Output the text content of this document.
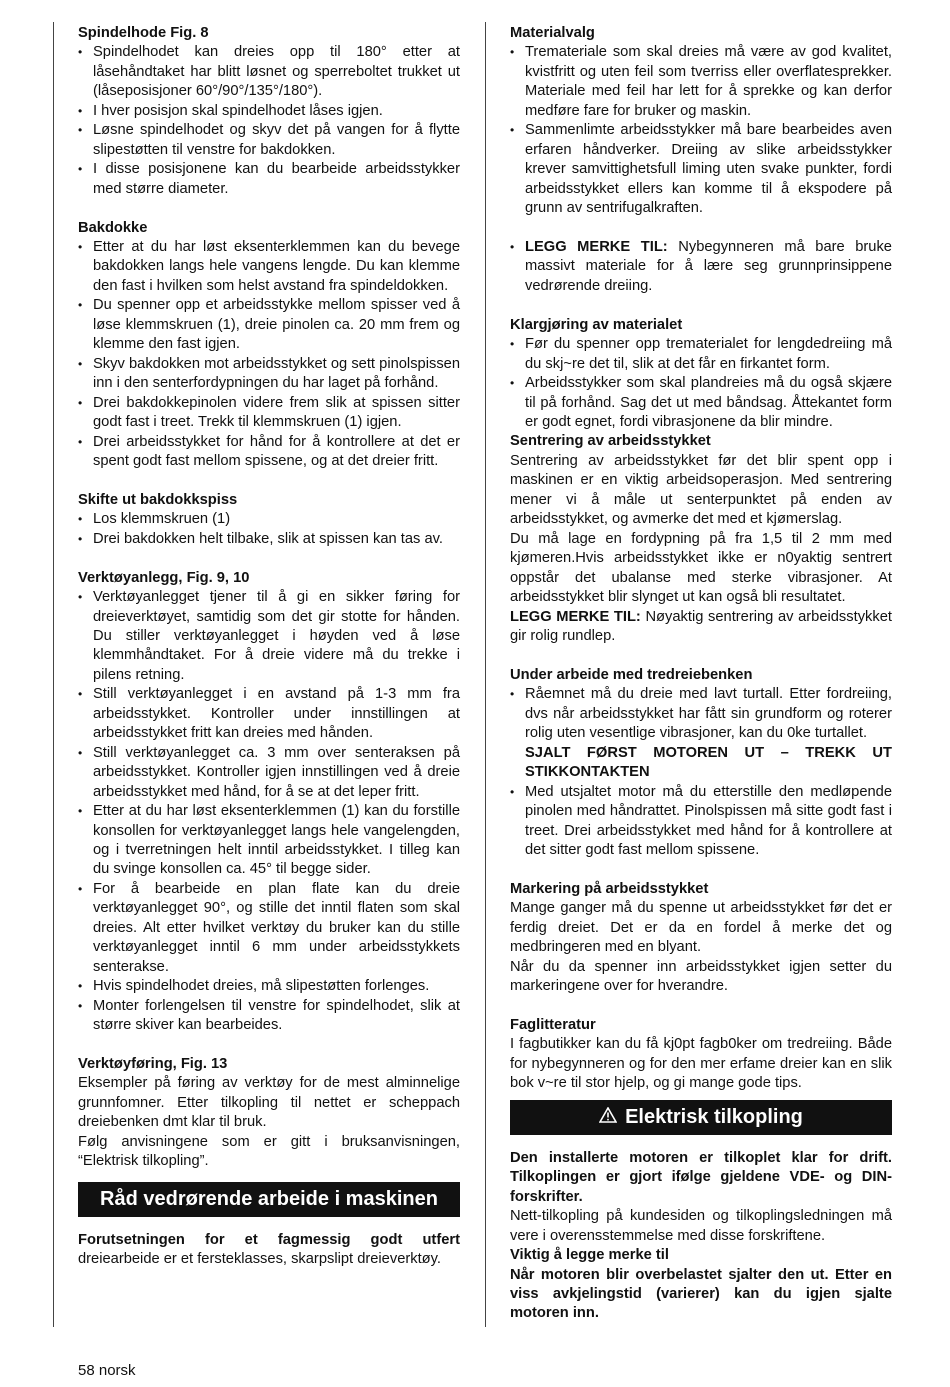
Spindelhode Fig. 8

• Spindelhodet kan dreies opp til 180° etter at låsehåndtaket har blitt løsnet og sperreboltet trukket ut (låseposisjoner 60°/90°/135°/180°).
• I hver posisjon skal spindelhodet låses igjen.
• Løsne spindelhodet og skyv det på vangen for å flytte slipestøtten til venstre for bakdokken.
• I disse posisjonene kan du bearbeide arbeidsstykker med større diameter.

Bakdokke

• Etter at du har løst eksenterklemmen kan du bevege bakdokken langs hele vangens lengde. Du kan klemme den fast i hvilken som helst avstand fra spindeldokken.
• Du spenner opp et arbeidsstykke mellom spisser ved å løse klemmskruen (1), dreie pinolen ca. 20 mm frem og klemme den fast igjen.
• Skyv bakdokken mot arbeidsstykket og sett pinolspissen inn i den senterfordypningen du har laget på forhånd.
• Drei bakdokkepinolen videre frem slik at spissen sitter godt fast i treet. Trekk til klemmskruen (1) igjen.
• Drei arbeidsstykket for hånd for å kontrollere at det er spent godt fast mellom spissene, og at det dreier fritt.

Skifte ut bakdokkspiss

• Los klemmskruen (1)
• Drei bakdokken helt tilbake, slik at spissen kan tas av.

Verktøyanlegg, Fig. 9, 10

• Verktøyanlegget tjener til å gi en sikker føring for dreieverktøyet, samtidig som det gir stotte for hånden. Du stiller verktøyanlegget i høyden ved å løse klemmhåndtaket. For å dreie videre må du trekke i pilens retning.
• Still verktøyanlegget i en avstand på 1-3 mm fra arbeidsstykket. Kontroller under innstillingen at arbeidsstykket fritt kan dreies med hånden.
• Still verktøyanlegget ca. 3 mm over senteraksen på arbeidsstykket. Kontroller igjen innstillingen ved å dreie arbeidsstykket med hånd, for å se at det leper fritt.
• Etter at du har løst eksenterklemmen (1) kan du forstille konsollen for verktøyanlegget langs hele vangelengden, og i tverretningen helt inntil arbeidsstykket. I tilleg kan du svinge konsollen ca. 45° til begge sider.
• For å bearbeide en plan flate kan du dreie verktøyanlegget 90°, og stille det inntil flaten som skal dreies. Alt etter hvilket verktøy du bruker kan du stille verktøyanlegget inntil 6 mm under arbeidsstykkets senterakse.
• Hvis spindelhodet dreies, må slipestøtten forlenges.
• Monter forlengelsen til venstre for spindelhodet, slik at større skiver kan bearbeides.

Verktøyføring, Fig. 13

Eksempler på føring av verktøy for de mest alminnelige grunnfomner. Etter tilkopling til nettet er scheppach dreiebenken dmt klar til bruk.

Følg anvisningene som er gitt i bruksanvisningen, “Elektrisk tilkopling”.

Råd vedrørende arbeide i maskinen

Forutsetningen for et fagmessig godt utfert dreiearbeide er et fersteklasses, skarpslipt dreieverktøy.

Materialvalg

• Tremateriale som skal dreies må være av god kvalitet, kvistfritt og uten feil som tverriss eller overflatesprekker. Materiale med feil har lett for å sprekke og kan derfor medføre fare for bruker og maskin.
• Sammenlimte arbeidsstykker må bare bearbeides aven erfaren håndverker. Dreiing av slike arbeidsstykker krever samvittighetsfull liming uten svake punkter, fordi arbeidsstykket ellers kan komme til å ekspodere på grunn av sentrifugalkraften.
• LEGG MERKE TIL: Nybegynneren må bare bruke massivt materiale for å lære seg grunnprinsippene vedrørende dreiing.

Klargjøring av materialet

• Før du spenner opp trematerialet for lengdedreiing må du skj~re det til, slik at det får en firkantet form.
• Arbeidsstykker som skal plandreies må du også skjære til på forhånd. Sag det ut med båndsag. Åttekantet form er godt egnet, fordi vibrasjonene da blir mindre.

Sentrering av arbeidsstykket

Sentrering av arbeidsstykket før det blir spent opp i maskinen er en viktig arbeidsoperasjon. Med sentrering mener vi å måle ut senterpunktet på enden av arbeidsstykket, og avmerke det med et kjømerslag.

Du må lage en fordypning på fra 1,5 til 2 mm med kjømeren.Hvis arbeidsstykket ikke er n0yaktig sentrert oppstår det ubalanse med sterke vibrasjoner. At arbeidsstykket blir slynget ut kan også bli resultatet.

LEGG MERKE TIL: Nøyaktig sentrering av arbeidsstykket gir rolig rundlep.

Under arbeide med tredreiebenken

• Råemnet må du dreie med lavt turtall. Etter fordreiing, dvs når arbeidsstykket har fått sin grundform og roterer rolig uten vesentlige vibrasjoner, kan du 0ke turtallet.
SJALT FØRST MOTOREN UT – TREKK UT STIKKONTAKTEN
• Med utsjaltet motor må du etterstille den medløpende pinolen med håndrattet. Pinolspissen må sitte godt fast i treet. Drei arbeidsstykket med hånd for å kontrollere at det sitter godt fast mellom spissene.

Markering på arbeidsstykket

Mange ganger må du spenne ut arbeidsstykket før det er ferdig dreiet. Det er da en fordel å merke det og medbringeren med en blyant.

Når du da spenner inn arbeidsstykket igjen setter du markeringene over for hverandre.

Faglitteratur

I fagbutikker kan du få kj0pt fagb0ker om tredreiing. Både for nybegynneren og for den mer erfame dreier kan en slik bok v~re til stor hjelp, og gi mange gode tips.

Elektrisk tilkopling

Den installerte motoren er tilkoplet klar for drift. Tilkoplingen er gjort ifølge gjeldene VDE- og DIN-forskrifter.

Nett-tilkopling på kundesiden og tilkoplingsledningen må vere i overensstemmelse med disse forskriftene.

Viktig å legge merke til

Når motoren blir overbelastet sjalter den ut. Etter en viss avkjelingstid (varierer) kan du igjen sjalte motoren inn.

58 norsk
